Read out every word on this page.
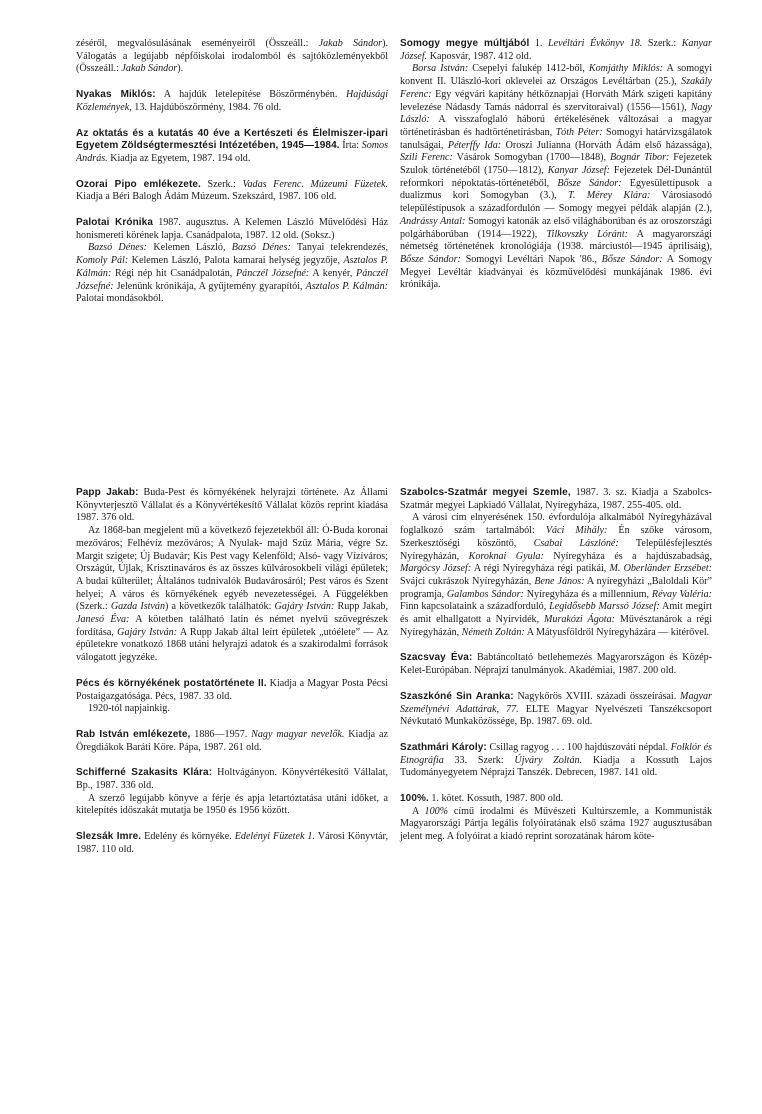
zéséről, megvalósulásának eseményeiről (Összeáll.: Jakab Sándor). Válogatás a legújabb népfőiskolai irodalomból és sajtóközleményekből (Összeáll.: Jakab Sándor).

Nyakas Miklós: A hajdúk letelepítése Böszörménybén. Hajdúsági Közlemények, 13. Hajdúböszörmény, 1984. 76 old.

Az oktatás és a kutatás 40 éve a Kertészeti és Élelmiszer-ipari Egyetem Zöldségtermesztési Intézetében, 1945—1984. Írta: Somos András. Kiadja az Egyetem, 1987. 194 old.

Ozorai Pipo emlékezete. Szerk.: Vadas Ferenc. Múzeumi Füzetek. Kiadja a Béri Balogh Ádám Múzeum. Szekszárd, 1987. 106 old.

Palotai Krónika 1987. augusztus. A Kelemen László Művelődési Ház honismereti körének lapja. Csanádpalota, 1987. 12 old. (Soksz.)

Bazsó Dénes: Kelemen László, Bazsó Dénes: Tanyai telekrendezés, Komoly Pál: Kelemen László, Palota kamarai helység jegyzője, Asztalos P. Kálmán: Régi nép hit Csanádpalotán, Pánczél Józsefné: A kenyér, Pánczél Józsefné: Jelenünk krónikája, A gyűjtemény gyarapítói, Asztalos P. Kálmán: Palotai mondásokból.

Somogy megye múltjából 1. Levéltári Évkönyv 18. Szerk.: Kanyar József. Kaposvár, 1987. 412 old.

Borsa István: Csepelyi falukép 1412-ből, Komjáthy Miklós: A somogyi konvent II. Ulászló-kori oklevelei az Országos Levéltárban (25.), Szakály Ferenc: Egy végvári kapitány hétköznapjai (Horváth Márk szigeti kapitány levelezése Nádasdy Tamás nádorral és szervitoraival) (1556—1561), Nagy László: A visszafoglaló háború értékelésének változásai a magyar történetírásban és hadtörténetírásban, Tóth Péter: Somogyi határvizsgálatok tanulságai, Péterffy Ida: Oroszi Julianna (Horváth Ádám első házassága), Szili Ferenc: Vásárok Somogyban (1700—1848), Bognár Tibor: Fejezetek Szulok történetéből (1750—1812), Kanyar József: Fejezetek Dél-Dunántúl reformkori népoktatás-történetéből, Bősze Sándor: Egyesülettípusok a dualizmus kori Somogyban (3.), T. Mérey Klára: Városiasodó településtípusok a századfordulón — Somogy megyei példák alapján (2.), Andrássy Antal: Somogyi katonák az első világháborúban és az oroszországi polgárháborúban (1914—1922), Tilkovszky Lóránt: A magyarországi németség történetének kronológiája (1938. márciustól—1945 áprilisáig), Bősze Sándor: Somogyi Levéltári Napok '86., Bősze Sándor: A Somogy Megyei Levéltár kiadványai és közművelődési munkájának 1986. évi krónikája.

Papp Jakab: Buda-Pest és környékének helyrajzi története. Az Állami Könyvterjesztő Vállalat és a Könyvértékesítő Vállalat közös reprint kiadása 1987. 376 old.

Az 1868-ban megjelent mű a következő fejezetekből áll: Ó-Buda koronai mezőváros; Felhévíz mezőváros; A Nyulak- majd Szűz Mária, végre Sz. Margit szigete; Új Budavár; Kis Pest vagy Kelenföld; Alsó- vagy Vízíváros; Országút, Újlak, Krisztinaváros és az összes külvárosokbeli világi épületek; A budai külterület; Általános tudnivalók Budavárosáról; Pest város és Szent helyei; A város és környékének egyéb nevezetességei. A Függelékben (Szerk.: Gazda István) a következők találhatók: Gajáry István: Rupp Jakab, Janesó Éva: A kötetben található latin és német nyelvű szövegrészek fordítása, Gajáry István: A Rupp Jakab által leírt épületek „utóélete” — Az épületekre vonatkozó 1868 utáni helyrajzi adatok és a szakirodalmi források válogatott jegyzéke.

Pécs és környékének postatörténete II. Kiadja a Magyar Posta Pécsi Postaigazgatósága. Pécs, 1987. 33 old.

1920-tól napjainkig.

Rab István emlékezete, 1886—1957. Nagy magyar nevelők. Kiadja az Öregdiákok Baráti Köre. Pápa, 1987. 261 old.

Schifferné Szakasits Klára: Holtvágányon. Könyvértékesítő Vállalat, Bp., 1987. 336 old.

A szerző legújabb könyve a férje és apja letartóztatása utáni időket, a kitelepítés időszakát mutatja be 1950 és 1956 között.

Slezsák Imre. Edelény és környéke. Edelényi Füzetek 1. Városi Könyvtár, 1987. 110 old.

Szabolcs-Szatmár megyei Szemle, 1987. 3. sz. Kiadja a Szabolcs-Szatmár megyei Lapkiadó Vállalat, Nyíregyháza, 1987. 255-405. old.

A városi cím elnyerésének 150. évfordulója alkalmából Nyíregyházával foglalkozó szám tartalmából: Váci Mihály: Én szőke városom, Szerkesztőségi köszöntő, Csabai Lászlóné: Településfejlesztés Nyíregyházán, Koroknai Gyula: Nyíregyháza és a hajdúszabadság, Margócsy József: A régi Nyíregyháza régi patikái, M. Oberländer Erzsébet: Svájci cukrászok Nyíregyházán, Bene János: A nyíregyházi „Baloldali Kör” programja, Galambos Sándor: Nyíregyháza és a millennium, Révay Valéria: Finn kapcsolataink a századforduló, Legidősebb Marssó József: Amit megírt és amit elhallgatott a Nyírvidék, Murakózi Ágota: Művésztanárok a régi Nyíregyházán, Németh Zoltán: A Mátyusföldről Nyíregyházára — kitérővel.

Szacsvay Éva: Babtáncoltató betlehemezés Magyarországon és Közép-Kelet-Európában. Néprajzi tanulmányok. Akadémiai, 1987. 200 old.

Szaszkóné Sin Aranka: Nagykőrös XVIII. századi összeírásai. Magyar Személynévi Adattárak, 77. ELTE Magyar Nyelvészeti Tanszékcsoport Névkutató Munkaközössége, Bp. 1987. 69. old.

Szathmári Károly: Csillag ragyog . . . 100 hajdúszováti népdal. Folklór és Etnográfia 33. Szerk: Újváry Zoltán. Kiadja a Kossuth Lajos Tudományegyetem Néprajzi Tanszék. Debrecen, 1987. 141 old.

100%. 1. kötet. Kossuth, 1987. 800 old.

A 100% című irodalmi és Művészeti Kultúrszemle, a Kommunisták Magyarországi Pártja legális folyóiratának első száma 1927 augusztusában jelent meg. A folyóirat a kiadó reprint sorozatának három köte-
